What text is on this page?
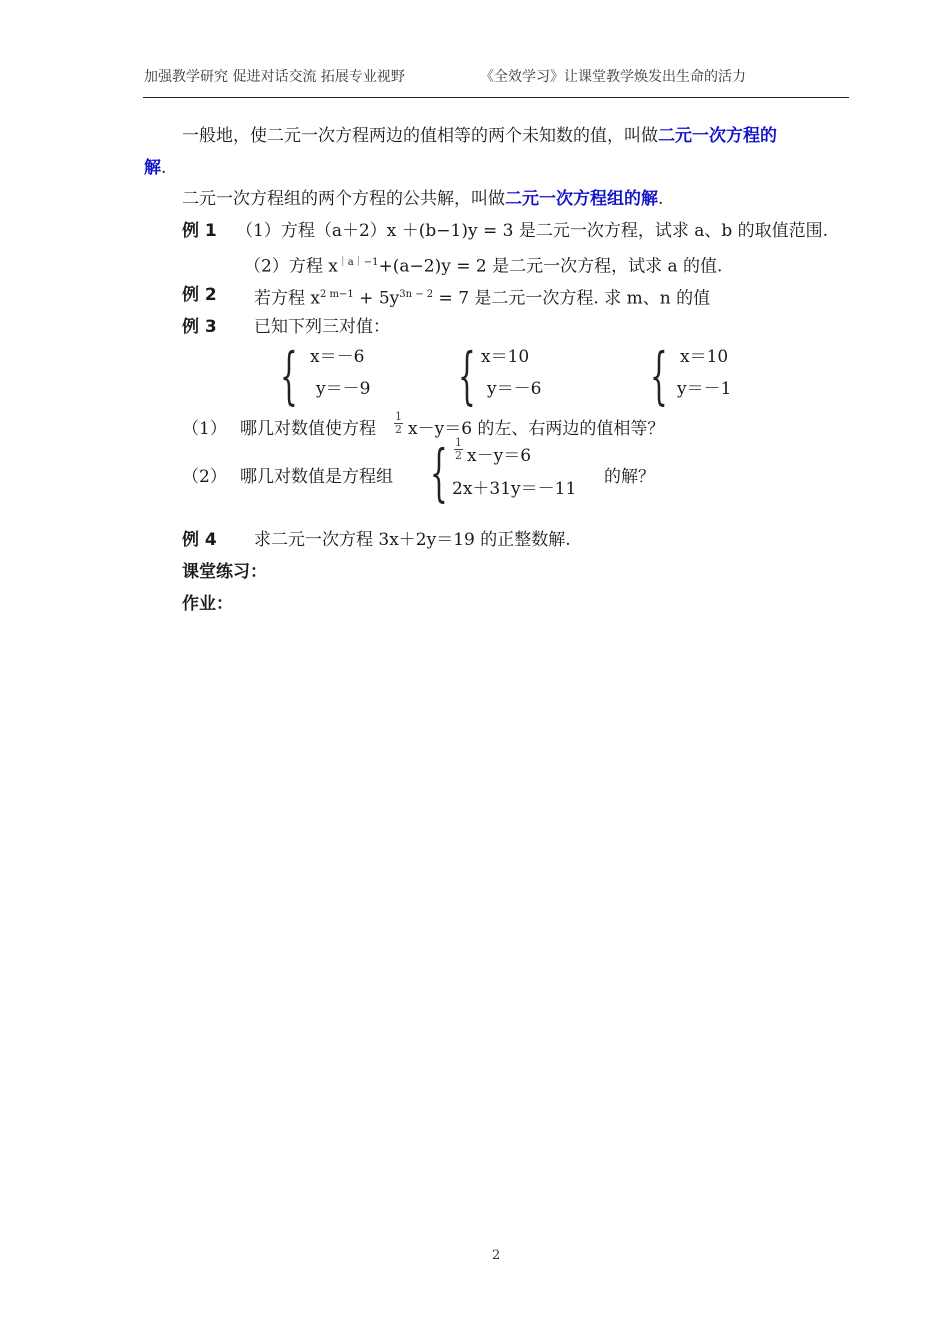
加强教学研究 促进对话交流 拓展专业视野	《全效学习》让课堂教学焕发出生命的活力
一般地，使二元一次方程两边的值相等的两个未知数的值，叫做二元一次方程的
解.
二元一次方程组的两个方程的公共解，叫做二元一次方程组的解.
例 1 （1）方程（a＋2）x ＋(b−1)y = 3 是二元一次方程，试求 a、b 的取值范围.
（2）方程 $x^{|a|-1}+(a-2)y = 2$ 是二元一次方程，试求 a 的值.
例 2 若方程 $x^{2 m-1} + 5y^{3n - 2} = 7$ 是二元一次方程. 求 m、n 的值
例 3 已知下列三对值：
{ x＝－6
y＝－9 { x＝10
y＝－6 { x＝10
y＝－1
（1） 哪几对数值使方程 $\frac{1}{2} x-y=6$ 的左、右两边的值相等？
（2） 哪几对数值是方程组 { $\frac{1}{2} x-y=6$
2x＋31y＝－11
的解？
例 4 求二元一次方程 3x＋2y＝19 的正整数解.
课堂练习：
作业：
2
